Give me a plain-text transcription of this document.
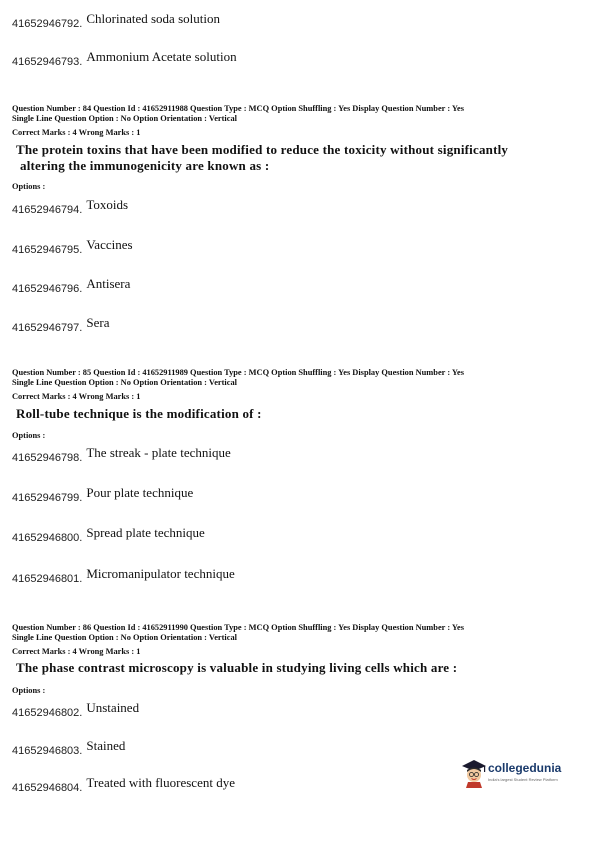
41652946792. $^{Chlorinated soda solution}$
41652946793. $^{Ammonium Acetate solution}$
Question Number : 84 Question Id : 41652911988 Question Type : MCQ Option Shuffling : Yes Display Question Number : Yes
Single Line Question Option : No Option Orientation : Vertical
Correct Marks : 4 Wrong Marks : 1
The protein toxins that have been modified to reduce the toxicity without significantly
altering the immunogenicity are known as :
Options :
41652946794. $^{Toxoids}$
41652946795. $^{Vaccines}$
41652946796. $^{Antisera}$
41652946797. $^{Sera}$
Question Number : 85 Question Id : 41652911989 Question Type : MCQ Option Shuffling : Yes Display Question Number : Yes
Single Line Question Option : No Option Orientation : Vertical
Correct Marks : 4 Wrong Marks : 1
Roll-tube technique is the modification of :
Options :
41652946798. $^{The streak - plate technique}$
41652946799. $^{Pour plate technique}$
41652946800. $^{Spread plate technique}$
41652946801. $^{Micromanipulator technique}$
Question Number : 86 Question Id : 41652911990 Question Type : MCQ Option Shuffling : Yes Display Question Number : Yes
Single Line Question Option : No Option Orientation : Vertical
Correct Marks : 4 Wrong Marks : 1
The phase contrast microscopy is valuable in studying living cells which are :
Options :
41652946802. $^{Unstained}$
41652946803. $^{Stained}$
41652946804. $^{Treated with fluorescent dye}$
collegedunia
India's largest Student Review Platform
